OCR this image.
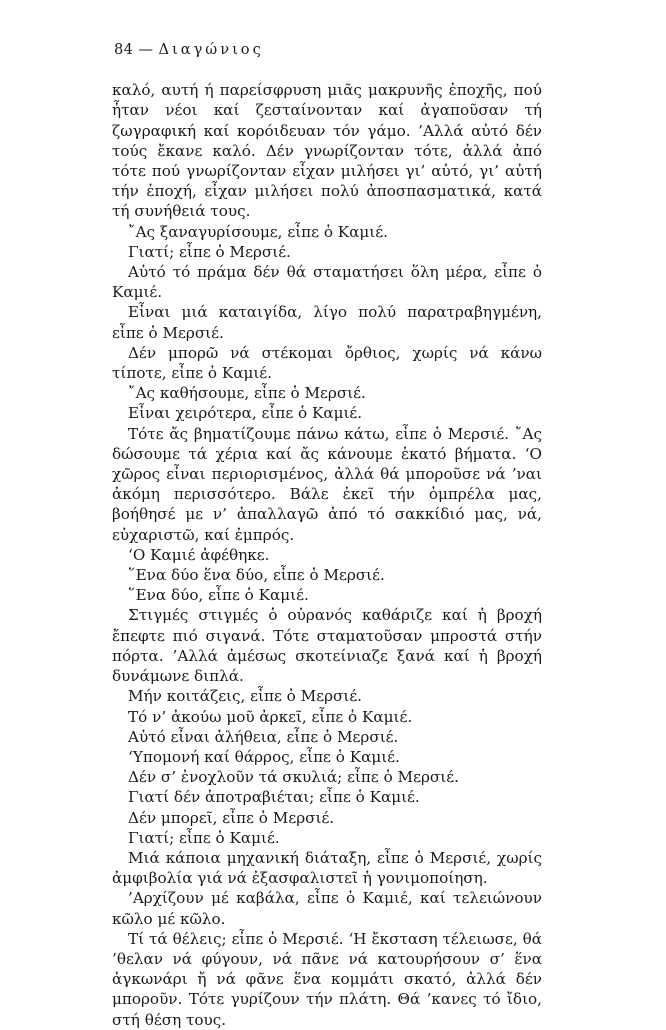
84 — Διαγώνιος

καλό, αυτή ή παρείσφρυση μιᾶς μακρυνῆς ἐποχῆς, πού ἦταν νέοι καί ζεσταίνονταν καί ἀγαποῦσαν τή ζωγραφική καί κορόιδευαν τόν γάμο. ’Αλλά αὐτό δέν τούς ἔκανε καλό. Δέν γνωρίζονταν τότε, ἀλλά ἀπό τότε πού γνωρίζονταν εἶχαν μιλήσει γι’ αὐτό, γι’ αὐτή τήν ἐποχή, εἶχαν μιλήσει πολύ ἀποσπασματικά, κατά τή συνήθειά τους.

῎Ας ξαναγυρίσουμε, εἶπε ὁ Καμιέ.

Γιατί; εἶπε ὁ Μερσιέ.

Αὐτό τό πράμα δέν θά σταματήσει ὅλη μέρα, εἶπε ὁ Καμιέ.

Εἶναι μιά καταιγίδα, λίγο πολύ παρατραβηγμένη, εἶπε ὁ Μερσιέ.

Δέν μπορῶ νά στέκομαι ὄρθιος, χωρίς νά κάνω τίποτε, εἶπε ὁ Καμιέ.

῎Ας καθήσουμε, εἶπε ὁ Μερσιέ.

Εἶναι χειρότερα, εἶπε ὁ Καμιέ.

Τότε ἄς βηματίζουμε πάνω κάτω, εἶπε ὁ Μερσιέ. ῎Ας δώσουμε τά χέρια καί ἄς κάνουμε ἑκατό βήματα. ‘Ο χῶρος εἶναι περιορισμένος, ἀλλά θά μποροῦσε νά ’ναι ἀκόμη περισσότερο. Βάλε ἐκεῖ τήν ὀμπρέλα μας, βοήθησέ με ν’ ἀπαλλαγῶ ἀπό τό σακκίδιό μας, νά, εὐχαριστῶ, καί ἐμπρός.

‘Ο Καμιέ ἀφέθηκε.

῞Ενα δύο ἕνα δύο, εἶπε ὁ Μερσιέ.

῞Ενα δύο, εἶπε ὁ Καμιέ.

Στιγμές στιγμές ὁ οὐρανός καθάριζε καί ἡ βροχή ἔπεφτε πιό σιγανά. Τότε σταματοῦσαν μπροστά στήν πόρτα. ’Αλλά ἀμέσως σκοτείνιαζε ξανά καί ἡ βροχή δυνάμωνε διπλά.

Μήν κοιτάζεις, εἶπε ὁ Μερσιέ.

Τό ν’ ἀκούω μοῦ ἀρκεῖ, εἶπε ὁ Καμιέ.

Αὐτό εἶναι ἀλήθεια, εἶπε ὁ Μερσιέ.

‘Υπομονή καί θάρρος, εἶπε ὁ Καμιέ.

Δέν σ’ ἐνοχλοῦν τά σκυλιά; εἶπε ὁ Μερσιέ.

Γιατί δέν ἀποτραβιέται; εἶπε ὁ Καμιέ.

Δέν μπορεῖ, εἶπε ὁ Μερσιέ.

Γιατί; εἶπε ὁ Καμιέ.

Μιά κάποια μηχανική διάταξη, εἶπε ὁ Μερσιέ, χωρίς ἀμφιβολία γιά νά ἐξασφαλιστεῖ ἡ γονιμοποίηση.

’Αρχίζουν μέ καβάλα, εἶπε ὁ Καμιέ, καί τελειώνουν κῶλο μέ κῶλο.

Τί τά θέλεις; εἶπε ὁ Μερσιέ. ‘Η ἔκσταση τέλειωσε, θά ’θελαν νά φύγουν, νά πᾶνε νά κατουρήσουν σ’ ἕνα ἀγκωνάρι ἤ νά φᾶνε ἕνα κομμάτι σκατό, ἀλλά δέν μποροῦν. Τότε γυρίζουν τήν πλάτη. Θά ’κανες τό ἴδιο, στή θέση τους.
